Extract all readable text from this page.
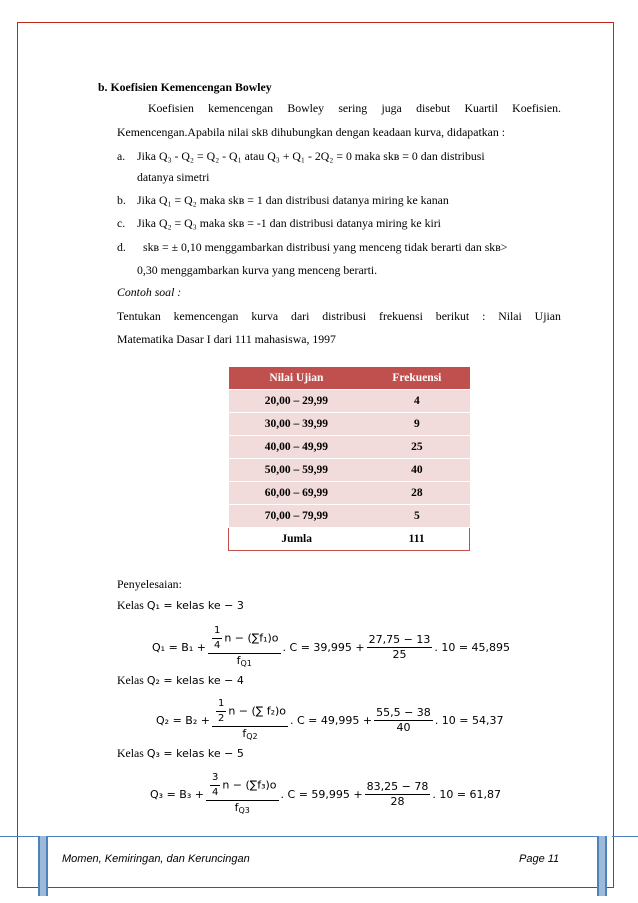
b. Koefisien Kemencengan Bowley
Koefisien kemencengan Bowley sering juga disebut Kuartil Koefisien.
Kemencengan.Apabila nilai skB dihubungkan dengan keadaan kurva, didapatkan :
a. Jika Q₃ - Q₂ = Q₂ - Q₁ atau Q₃ + Q₁ - 2Q₂ = 0 maka skʙ = 0 dan distribusi
datanya simetri
b. Jika Q₁ = Q₂ maka skʙ = 1 dan distribusi datanya miring ke kanan
c. Jika Q₂ = Q₃ maka skʙ = -1 dan distribusi datanya miring ke kiri
d. skʙ = ± 0,10 menggambarkan distribusi yang menceng tidak berarti dan skʙ>
0,30 menggambarkan kurva yang menceng berarti.
Contoh soal :
Tentukan kemencengan kurva dari distribusi frekuensi berikut : Nilai Ujian
Matematika Dasar I dari 111 mahasiswa, 1997
Nilai Ujian	Frekuensi
20,00 – 29,99	4
30,00 – 39,99	9
40,00 – 49,99	25
50,00 – 59,99	40
60,00 – 69,99	28
70,00 – 79,99	5
Jumla	111
Penyelesaian:
Kelas Q₁ = kelas ke − 3
$Q_1 = B_1 + \frac{\frac{1}{4} n - (\sum f_1)o}{f_{Q1}}$ . $C = 39,995 + \frac{27,75 - 13}{25}$ . 10 = 45,895
Kelas Q₂ = kelas ke − 4
$Q_2 = B_2 + \frac{\frac{1}{2} n - (\sum f_2)o}{f_{Q2}}$ . $C = 49,995 + \frac{55,5 - 38}{40}$ . 10 = 54,37
Kelas Q₃ = kelas ke − 5
$Q_3 = B_3 + \frac{\frac{3}{4} n - (\sum f_3)o}{f_{Q3}}$ . $C = 59,995 + \frac{83,25 - 78}{28}$ . 10 = 61,87
Momen, Kemiringan, dan Keruncingan	Page 11
